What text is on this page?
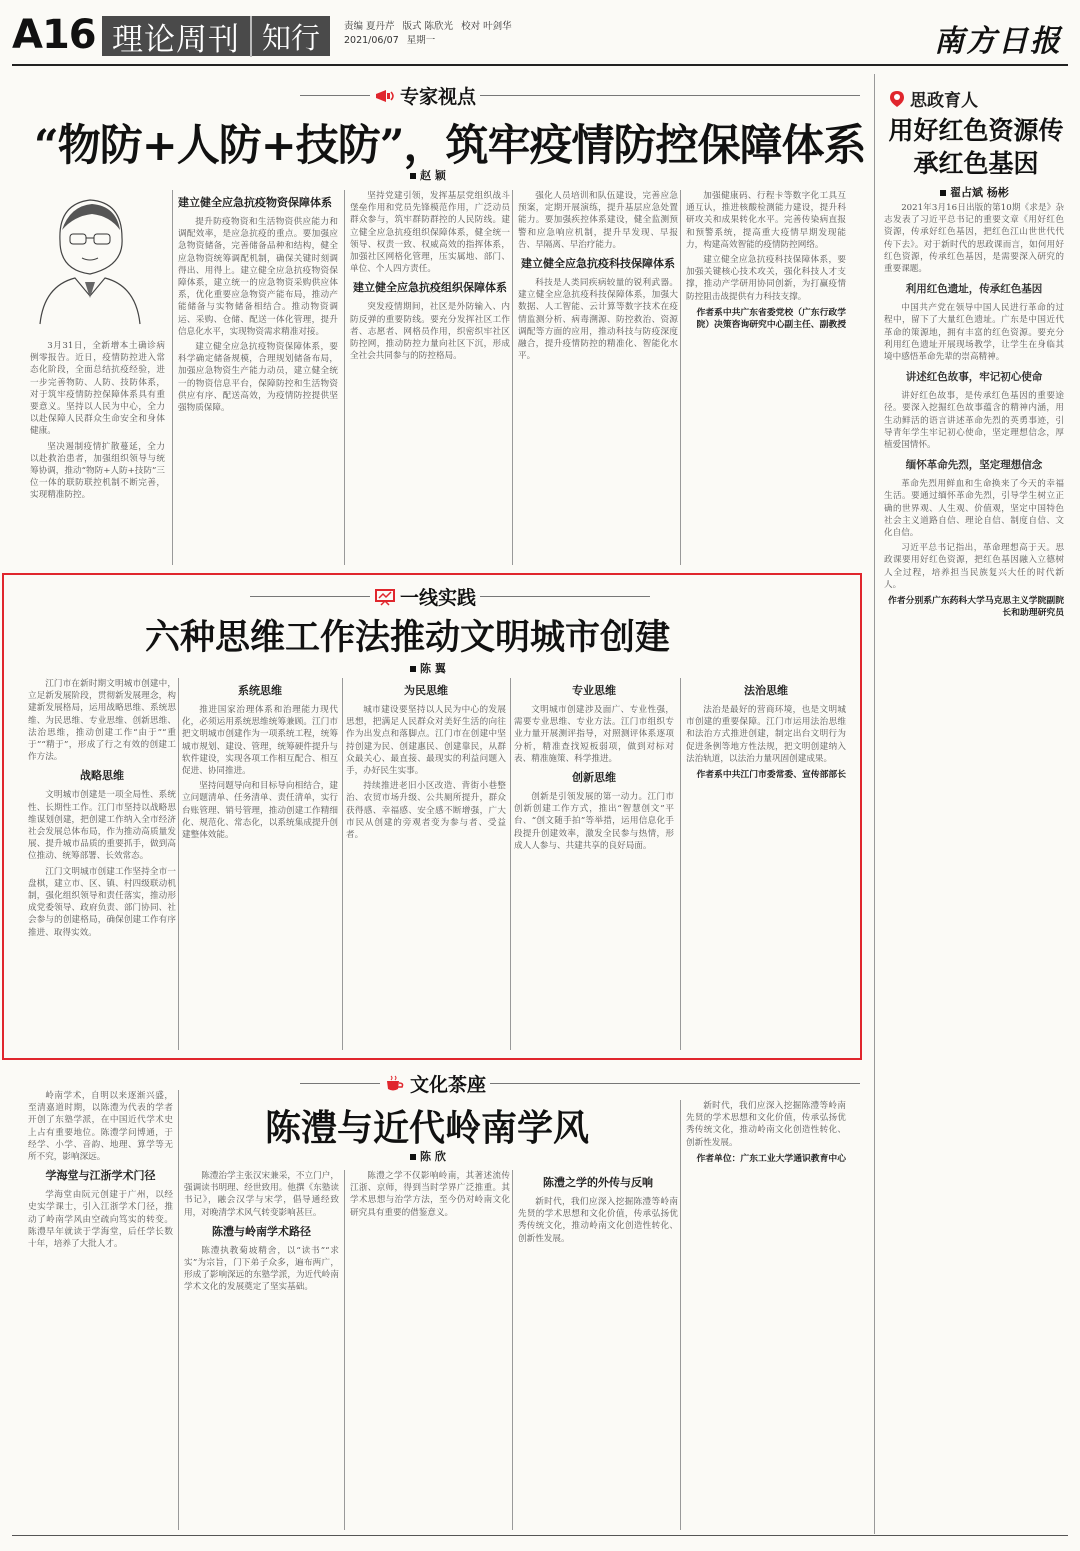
A16 理论周刊 知行	责编 夏丹芹 版式 陈欣光 校对 叶剑华
2021/06/07 星期一	南方日报
专家视点
“物防+人防+技防”，筑牢疫情防控保障体系
赵 颖

3月31日，全新增本土确诊病例零报告。近日，疫情防控进入常态化阶段，全面总结抗疫经验，进一步完善物防、人防、技防体系，对于筑牢疫情防控保障体系具有重要意义。坚持以人民为中心，全力以赴保障人民群众生命安全和身体健康。

坚决遏制疫情扩散蔓延，全力以赴救治患者，加强组织领导与统筹协调，推动“物防+人防+技防”三位一体的联防联控机制不断完善，实现精准防控。

建立健全应急抗疫物资保障体系

提升防疫物资和生活物资供应能力和调配效率，是应急抗疫的重点。要加强应急物资储备，完善储备品种和结构，健全应急物资统筹调配机制，确保关键时刻调得出、用得上。建立健全应急抗疫物资保障体系，建立统一的应急物资采购供应体系，优化重要应急物资产能布局，推动产能储备与实物储备相结合。推动物资调运、采购、仓储、配送一体化管理，提升信息化水平，实现物资需求精准对接。

建立健全应急抗疫物资保障体系，要科学确定储备规模，合理规划储备布局，加强应急物资生产能力动员，建立健全统一的物资信息平台，保障防控和生活物资供应有序、配送高效，为疫情防控提供坚强物质保障。

坚持党建引领，发挥基层党组织战斗堡垒作用和党员先锋模范作用，广泛动员群众参与，筑牢群防群控的人民防线。建立健全应急抗疫组织保障体系，健全统一领导、权责一致、权威高效的指挥体系，加强社区网格化管理，压实属地、部门、单位、个人四方责任。

建立健全应急抗疫组织保障体系

突发疫情期间，社区是外防输入、内防反弹的重要防线。要充分发挥社区工作者、志愿者、网格员作用，织密织牢社区防控网，推动防控力量向社区下沉，形成全社会共同参与的防控格局。

强化人员培训和队伍建设，完善应急预案，定期开展演练，提升基层应急处置能力。要加强疾控体系建设，健全监测预警和应急响应机制，提升早发现、早报告、早隔离、早治疗能力。

建立健全应急抗疫科技保障体系

科技是人类同疾病较量的锐利武器。建立健全应急抗疫科技保障体系，加强大数据、人工智能、云计算等数字技术在疫情监测分析、病毒溯源、防控救治、资源调配等方面的应用，推动科技与防疫深度融合，提升疫情防控的精准化、智能化水平。

加强健康码、行程卡等数字化工具互通互认，推进核酸检测能力建设，提升科研攻关和成果转化水平。完善传染病直报和预警系统，提高重大疫情早期发现能力，构建高效智能的疫情防控网络。

建立健全应急抗疫科技保障体系，要加强关键核心技术攻关，强化科技人才支撑，推动产学研用协同创新，为打赢疫情防控阻击战提供有力科技支撑。

作者系中共广东省委党校（广东行政学院）决策咨询研究中心副主任、副教授
一线实践
六种思维工作法推动文明城市创建
陈 翼

江门市在新时期文明城市创建中，立足新发展阶段，贯彻新发展理念，构建新发展格局，运用战略思维、系统思维、为民思维、专业思维、创新思维、法治思维，推动创建工作“由于”“重于”“精于”，形成了行之有效的创建工作方法。

战略思维

文明城市创建是一项全局性、系统性、长期性工作。江门市坚持以战略思维谋划创建，把创建工作纳入全市经济社会发展总体布局，作为推动高质量发展、提升城市品质的重要抓手，做到高位推动、统筹部署、长效常态。

江门文明城市创建工作坚持全市一盘棋，建立市、区、镇、村四级联动机制，强化组织领导和责任落实，推动形成党委领导、政府负责、部门协同、社会参与的创建格局，确保创建工作有序推进、取得实效。

系统思维

推进国家治理体系和治理能力现代化，必须运用系统思维统筹兼顾。江门市把文明城市创建作为一项系统工程，统筹城市规划、建设、管理，统筹硬件提升与软件建设，实现各项工作相互配合、相互促进、协同推进。

坚持问题导向和目标导向相结合，建立问题清单、任务清单、责任清单，实行台账管理、销号管理，推动创建工作精细化、规范化、常态化，以系统集成提升创建整体效能。

为民思维

城市建设要坚持以人民为中心的发展思想，把满足人民群众对美好生活的向往作为出发点和落脚点。江门市在创建中坚持创建为民、创建惠民、创建靠民，从群众最关心、最直接、最现实的利益问题入手，办好民生实事。

持续推进老旧小区改造、背街小巷整治、农贸市场升级、公共厕所提升，群众获得感、幸福感、安全感不断增强，广大市民从创建的旁观者变为参与者、受益者。

专业思维

文明城市创建涉及面广、专业性强，需要专业思维、专业方法。江门市组织专业力量开展测评指导，对照测评体系逐项分析，精准查找短板弱项，做到对标对表、精准施策、科学推进。

创新思维

创新是引领发展的第一动力。江门市创新创建工作方式，推出“智慧创文”平台、“创文随手拍”等举措，运用信息化手段提升创建效率，激发全民参与热情，形成人人参与、共建共享的良好局面。

法治思维

法治是最好的营商环境，也是文明城市创建的重要保障。江门市运用法治思维和法治方式推进创建，制定出台文明行为促进条例等地方性法规，把文明创建纳入法治轨道，以法治力量巩固创建成果。

作者系中共江门市委常委、宣传部部长
文化茶座
陈澧与近代岭南学风
陈 欣

岭南学术，自明以来逐渐兴盛，至清嘉道时期，以陈澧为代表的学者开创了东塾学派，在中国近代学术史上占有重要地位。陈澧学问博通，于经学、小学、音韵、地理、算学等无所不究，影响深远。

学海堂与江浙学术门径

学海堂由阮元创建于广州，以经史实学课士，引入江浙学术门径，推动了岭南学风由空疏向笃实的转变。陈澧早年就读于学海堂，后任学长数十年，培养了大批人才。

陈澧治学主张汉宋兼采，不立门户，强调读书明理、经世致用。他撰《东塾读书记》，融会汉学与宋学，倡导通经致用，对晚清学术风气转变影响甚巨。

陈澧与岭南学术路径

陈澧执教菊坡精舍，以“读书”“求实”为宗旨，门下弟子众多，遍布两广，形成了影响深远的东塾学派，为近代岭南学术文化的发展奠定了坚实基础。

陈澧之学不仅影响岭南，其著述流传江浙、京师，得到当时学界广泛推重。其学术思想与治学方法，至今仍对岭南文化研究具有重要的借鉴意义。

陈澧之学的外传与反响

新时代，我们应深入挖掘陈澧等岭南先贤的学术思想和文化价值，传承弘扬优秀传统文化，推动岭南文化创造性转化、创新性发展。

新时代，我们应深入挖掘陈澧等岭南先贤的学术思想和文化价值，传承弘扬优秀传统文化，推动岭南文化创造性转化、创新性发展。

作者单位：广东工业大学通识教育中心
思政育人
用好红色资源传承红色基因
翟占斌 杨彬

2021年3月16日出版的第10期《求是》杂志发表了习近平总书记的重要文章《用好红色资源，传承好红色基因，把红色江山世世代代传下去》。对于新时代的思政课而言，如何用好红色资源，传承红色基因，是需要深入研究的重要课题。

利用红色遗址，传承红色基因

中国共产党在领导中国人民进行革命的过程中，留下了大量红色遗址。广东是中国近代革命的策源地，拥有丰富的红色资源。要充分利用红色遗址开展现场教学，让学生在身临其境中感悟革命先辈的崇高精神。

讲述红色故事，牢记初心使命

讲好红色故事，是传承红色基因的重要途径。要深入挖掘红色故事蕴含的精神内涵，用生动鲜活的语言讲述革命先烈的英勇事迹，引导青年学生牢记初心使命，坚定理想信念，厚植爱国情怀。

缅怀革命先烈，坚定理想信念

革命先烈用鲜血和生命换来了今天的幸福生活。要通过缅怀革命先烈，引导学生树立正确的世界观、人生观、价值观，坚定中国特色社会主义道路自信、理论自信、制度自信、文化自信。

习近平总书记指出，革命理想高于天。思政课要用好红色资源，把红色基因融入立德树人全过程，培养担当民族复兴大任的时代新人。

作者分别系广东药科大学马克思主义学院副院长和助理研究员
